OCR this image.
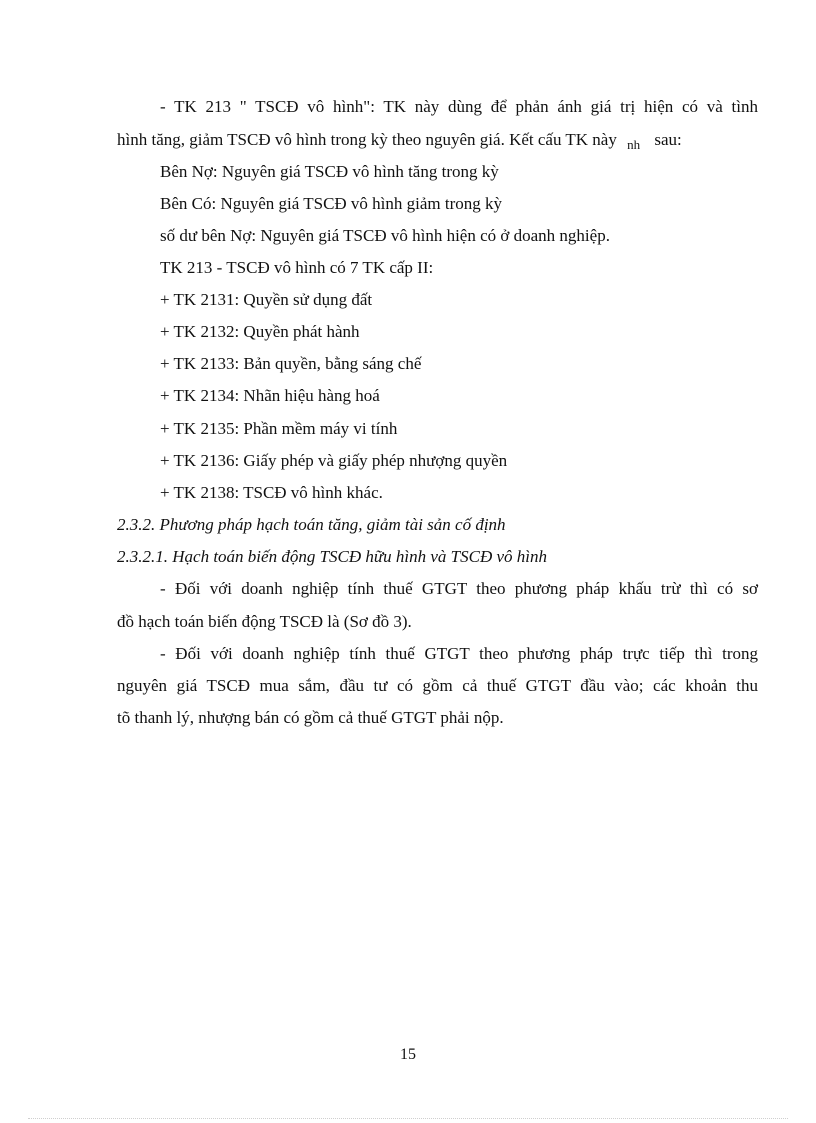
- TK 213 " TSCĐ vô hình": TK này dùng để phản ánh giá trị hiện có và tình
hình tăng, giảm TSCĐ vô hình trong kỳ theo nguyên giá. Kết cấu TK này $_{nh}$ sau:
Bên Nợ: Nguyên giá TSCĐ vô hình tăng trong kỳ
Bên Có: Nguyên giá TSCĐ vô hình giảm trong kỳ
số dư bên Nợ: Nguyên giá TSCĐ vô hình hiện có ở doanh nghiệp.
TK 213 - TSCĐ vô hình có 7 TK cấp II:
+ TK 2131: Quyền sử dụng đất
+ TK 2132: Quyền phát hành
+ TK 2133: Bản quyền, bằng sáng chế
+ TK 2134: Nhãn hiệu hàng hoá
+ TK 2135: Phần mềm máy vi tính
+ TK 2136: Giấy phép và giấy phép nhượng quyền
+ TK 2138: TSCĐ vô hình khác.
2.3.2. Phương pháp hạch toán tăng, giảm tài sản cố định
2.3.2.1. Hạch toán biến động TSCĐ hữu hình và TSCĐ vô hình
- Đối với doanh nghiệp tính thuế GTGT theo phương pháp khấu trừ thì có sơ
đồ hạch toán biến động TSCĐ là (Sơ đồ 3).
- Đối với doanh nghiệp tính thuế GTGT theo phương pháp trực tiếp thì trong
nguyên giá TSCĐ mua sắm, đầu tư có gồm cả thuế GTGT đầu vào; các khoản thu
tõ thanh lý, nhượng bán có gồm cả thuế GTGT phải nộp.
15
